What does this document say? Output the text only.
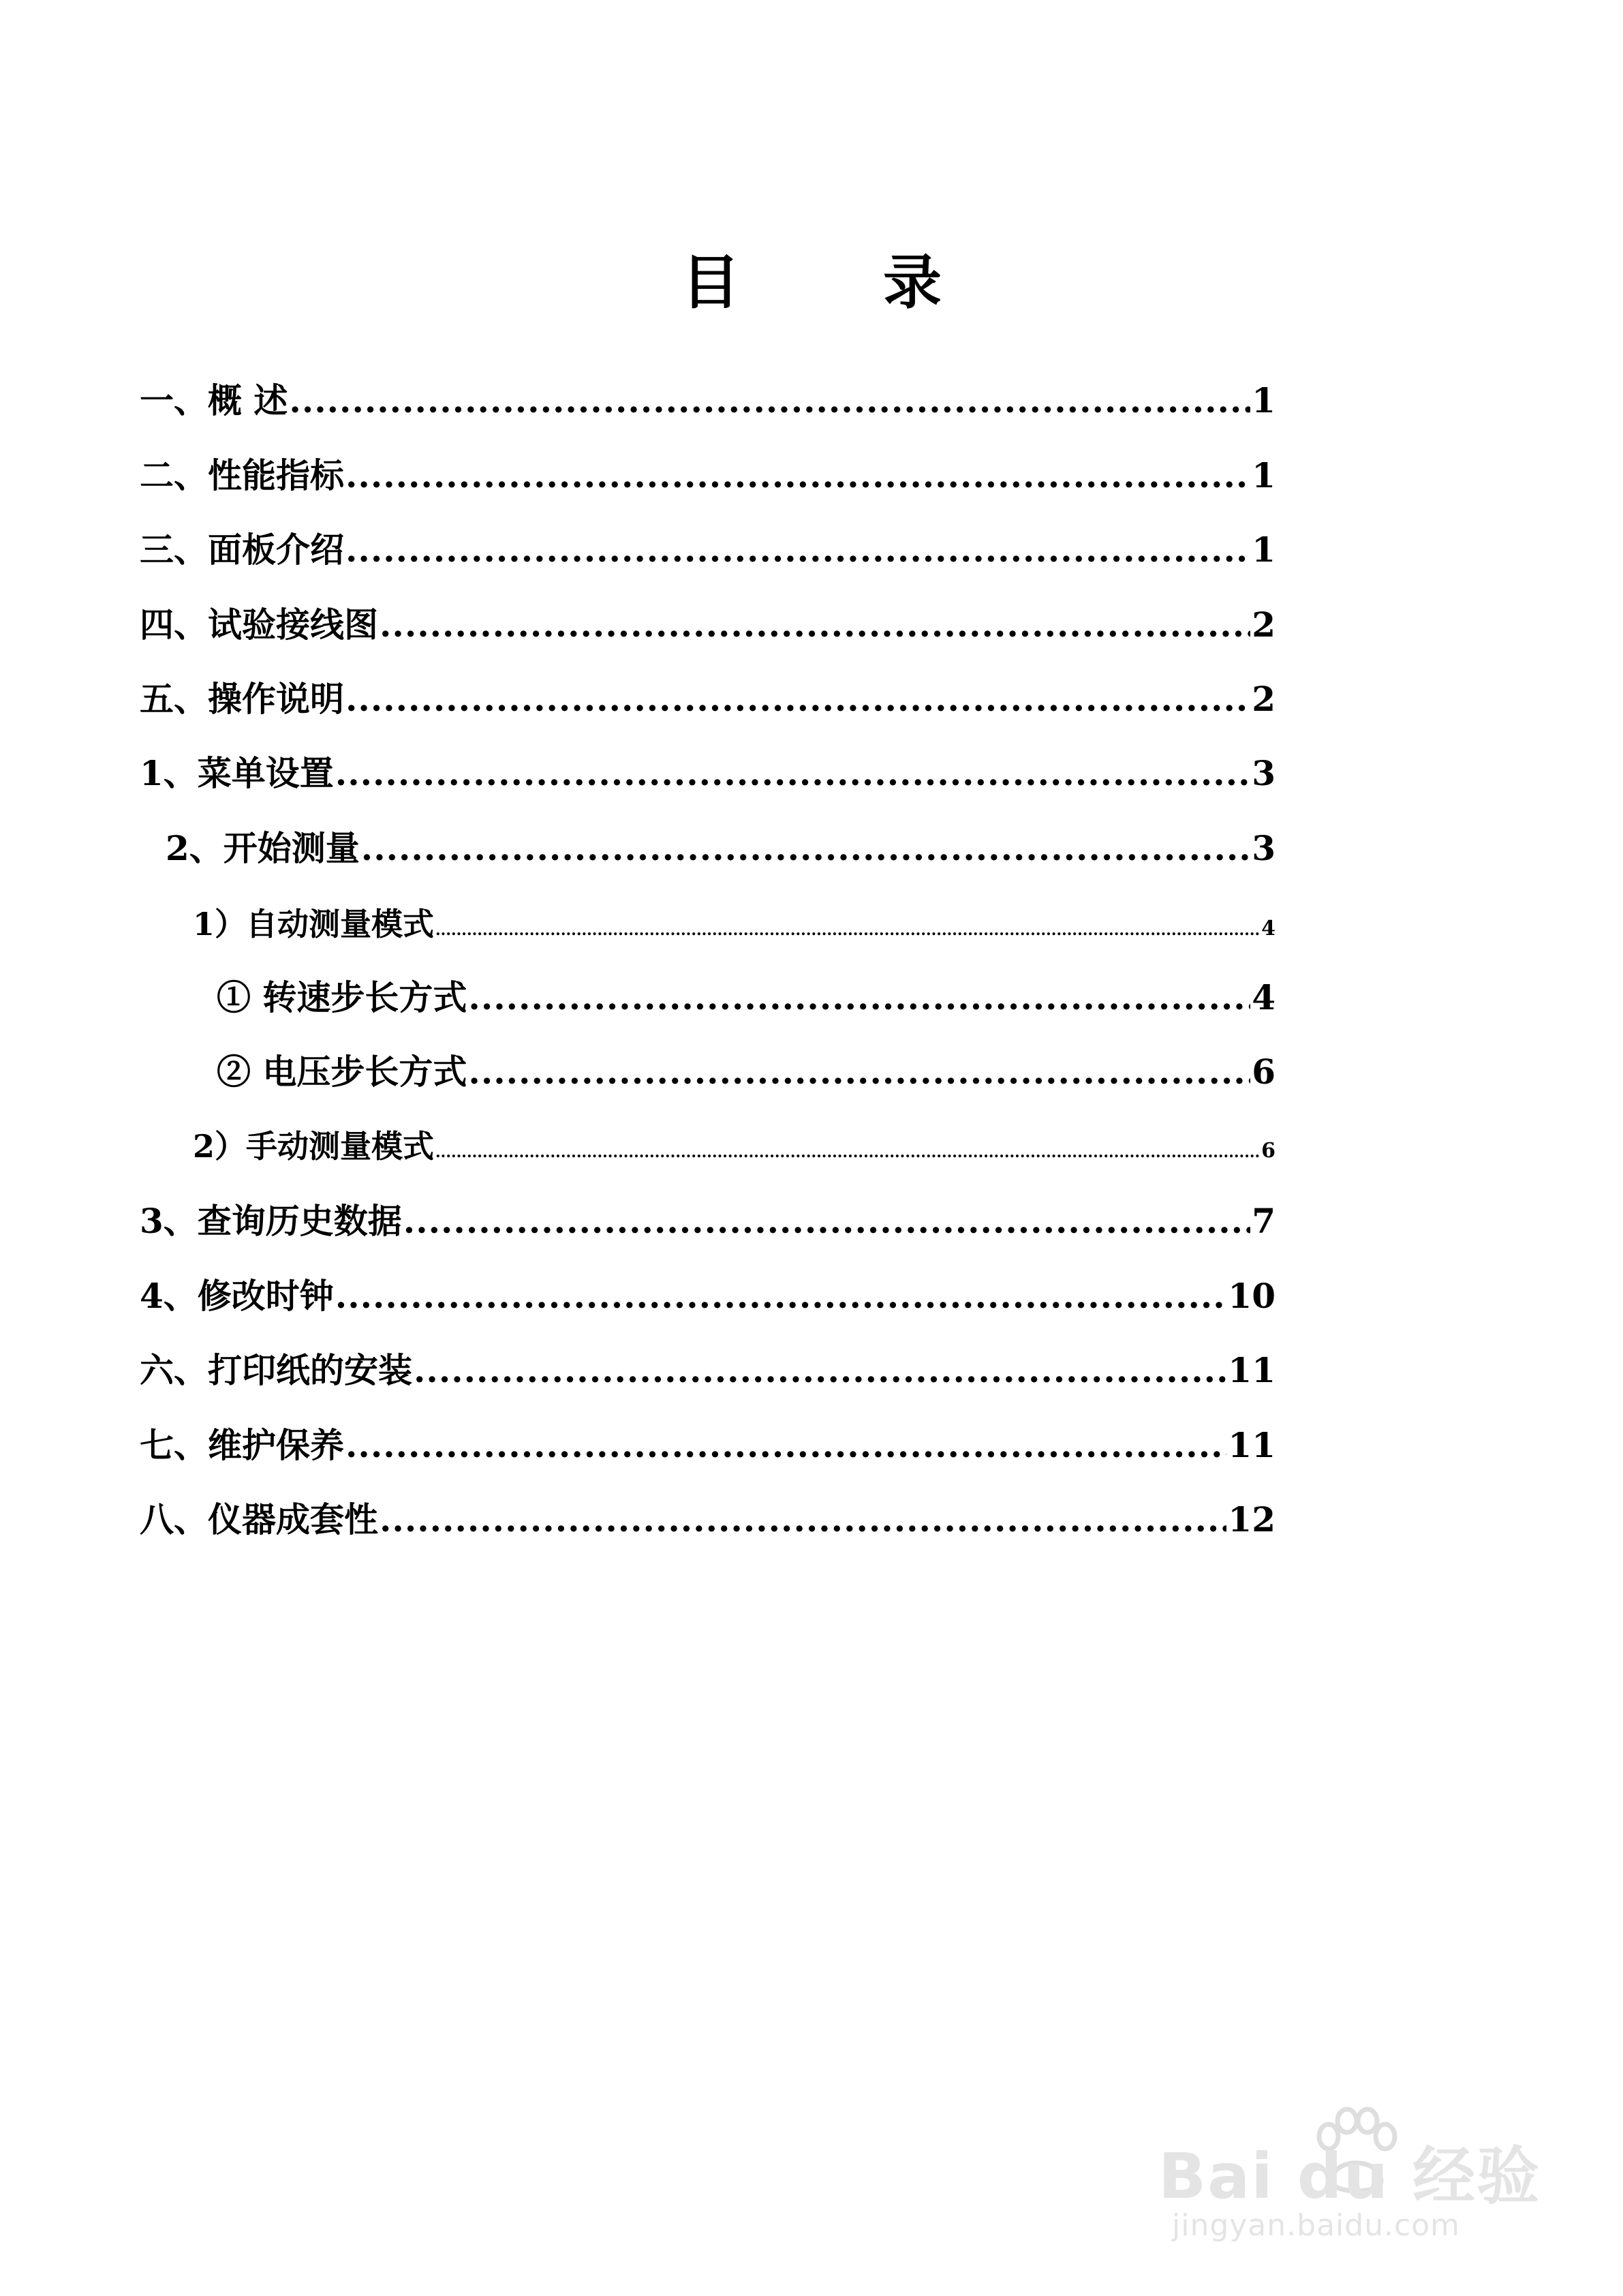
目 录
一、概 述 .....	1
二、性能指标 .....	1
三、面板介绍 .....	1
四、试验接线图 .....	2
五、操作说明 .....	2
1、菜单设置 .....	3
2、开始测量 .....	3
1）自动测量模式 .....	4
① 转速步长方式 .....	4
② 电压步长方式 .....	6
2）手动测量模式 .....	6
3、查询历史数据 .....	7
4、修改时钟 .....	10
六、打印纸的安装 .....	11
七、维护保养 .....	11
八、仪器成套性 .....	12
Bai du 经验
jingyan.baidu.com
